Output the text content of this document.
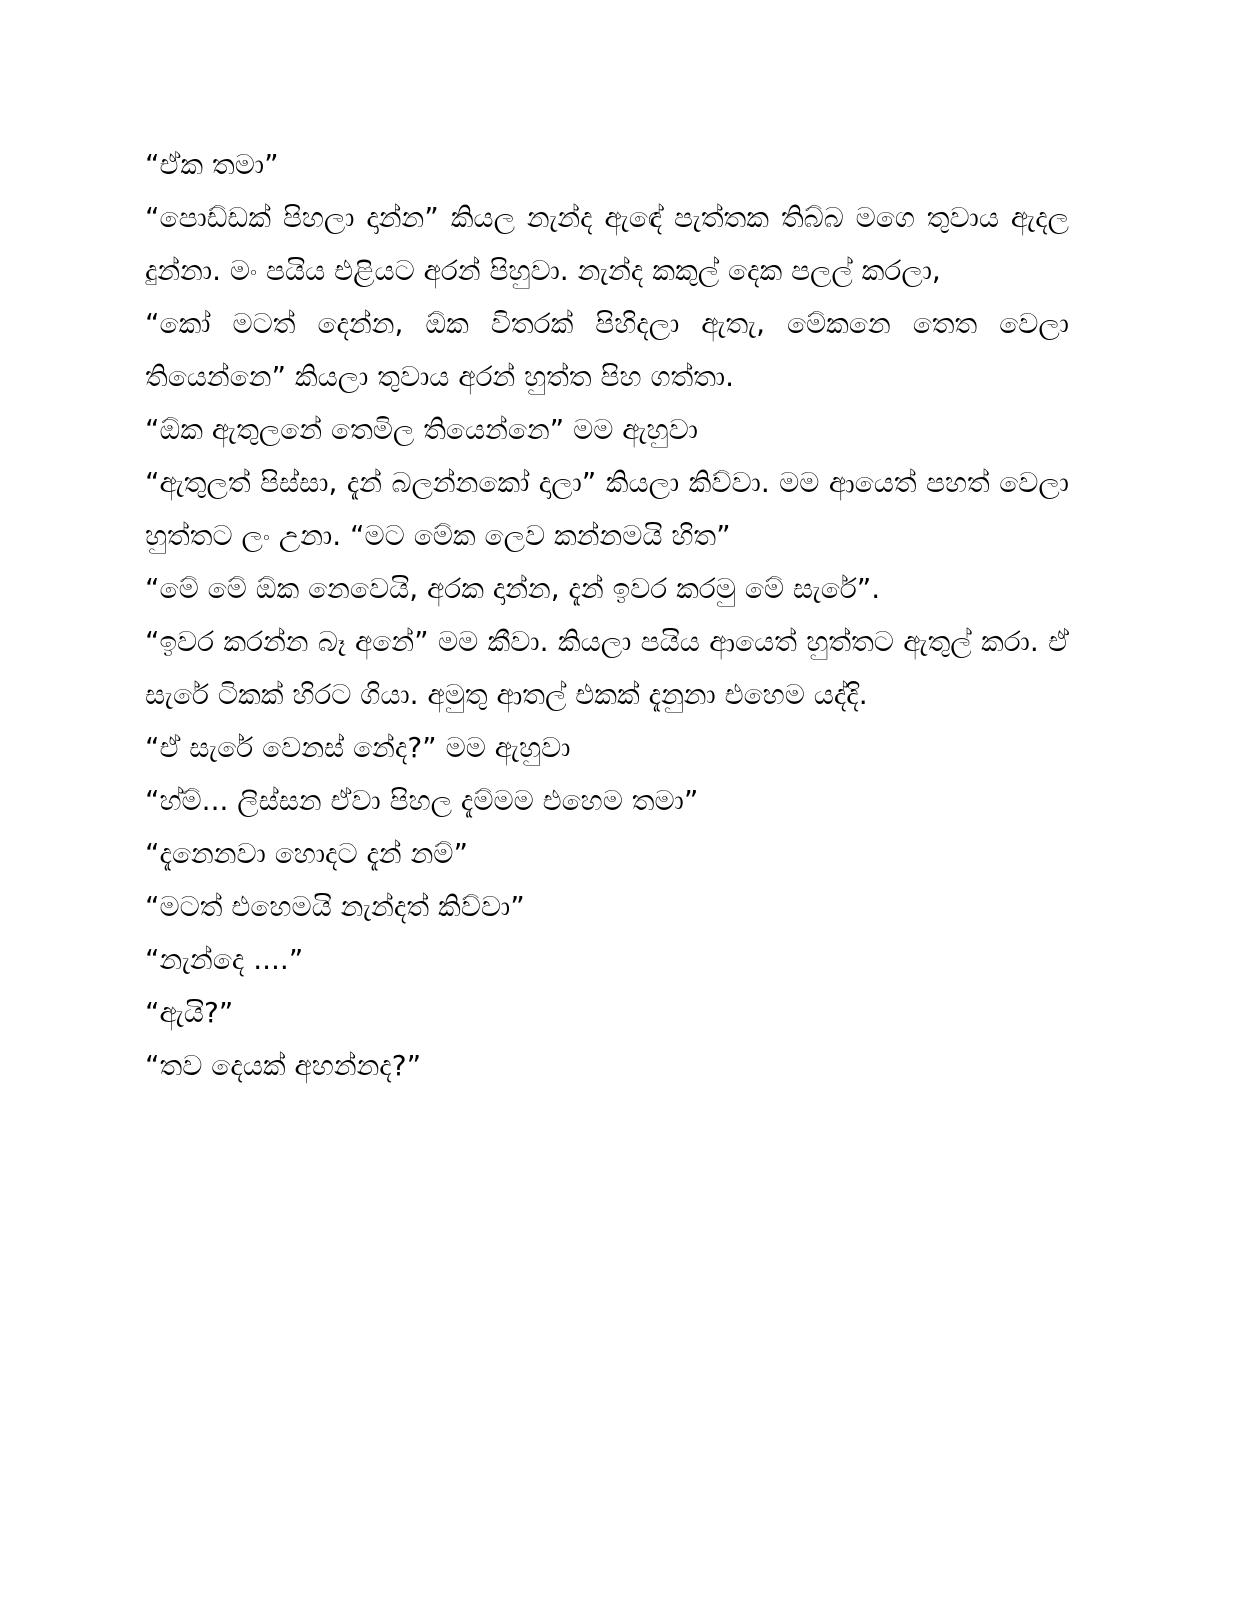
“ඒක තමා”

“පොඩ්ඩක් පිහලා දාන්න” කියල නැන්ද ඇඳේ පැත්තක තිබ්බ මගෙ තුවාය ඇදල දුන්නා. මං පයිය එළියට අරන් පිහුවා. නැන්ද කකුල් දෙක පලල් කරලා,

“කෝ මටත් දෙන්න, ඕක විතරක් පිහිදලා ඇතැ, මේකනෙ තෙත වෙලා තියෙන්නෙ” කියලා තුවාය අරන් හුත්ත පිහ ගත්තා.

“ඕක ඇතුලනේ තෙමිල තියෙන්නෙ” මම ඇහුවා

“ඇතුලත් පිස්සා, දැන් බලන්නකෝ දාලා” කියලා කිව්වා. මම ආයෙත් පහත් වෙලා හුත්තට ලං උනා. “මට මේක ලෙව කන්නමයි හිත”

“මේ මේ ඕක නෙවෙයි, අරක දාන්න, දැන් ඉවර කරමු මේ සැරේ”.

“ඉවර කරන්න බෑ අනේ” මම කීවා. කියලා පයිය ආයෙත් හුත්තට ඇතුල් කරා. ඒ සැරේ ටිකක් හිරට ගියා. අමුතු ආතල් එකක් දැනුනා එහෙම යද්දි.

“ඒ සැරේ වෙනස් නේද?” මම ඇහුවා

“හ්ම්... ලිස්සන ඒවා පිහල දැම්මම එහෙම තමා”

“දැනෙනවා හොදට දැන් නම්”

“මටත් එහෙමයි නැන්දත් කිව්වා”

“නැන්දෙ ....”

“ඇයි?”

“තව දෙයක් අහන්නද?”
